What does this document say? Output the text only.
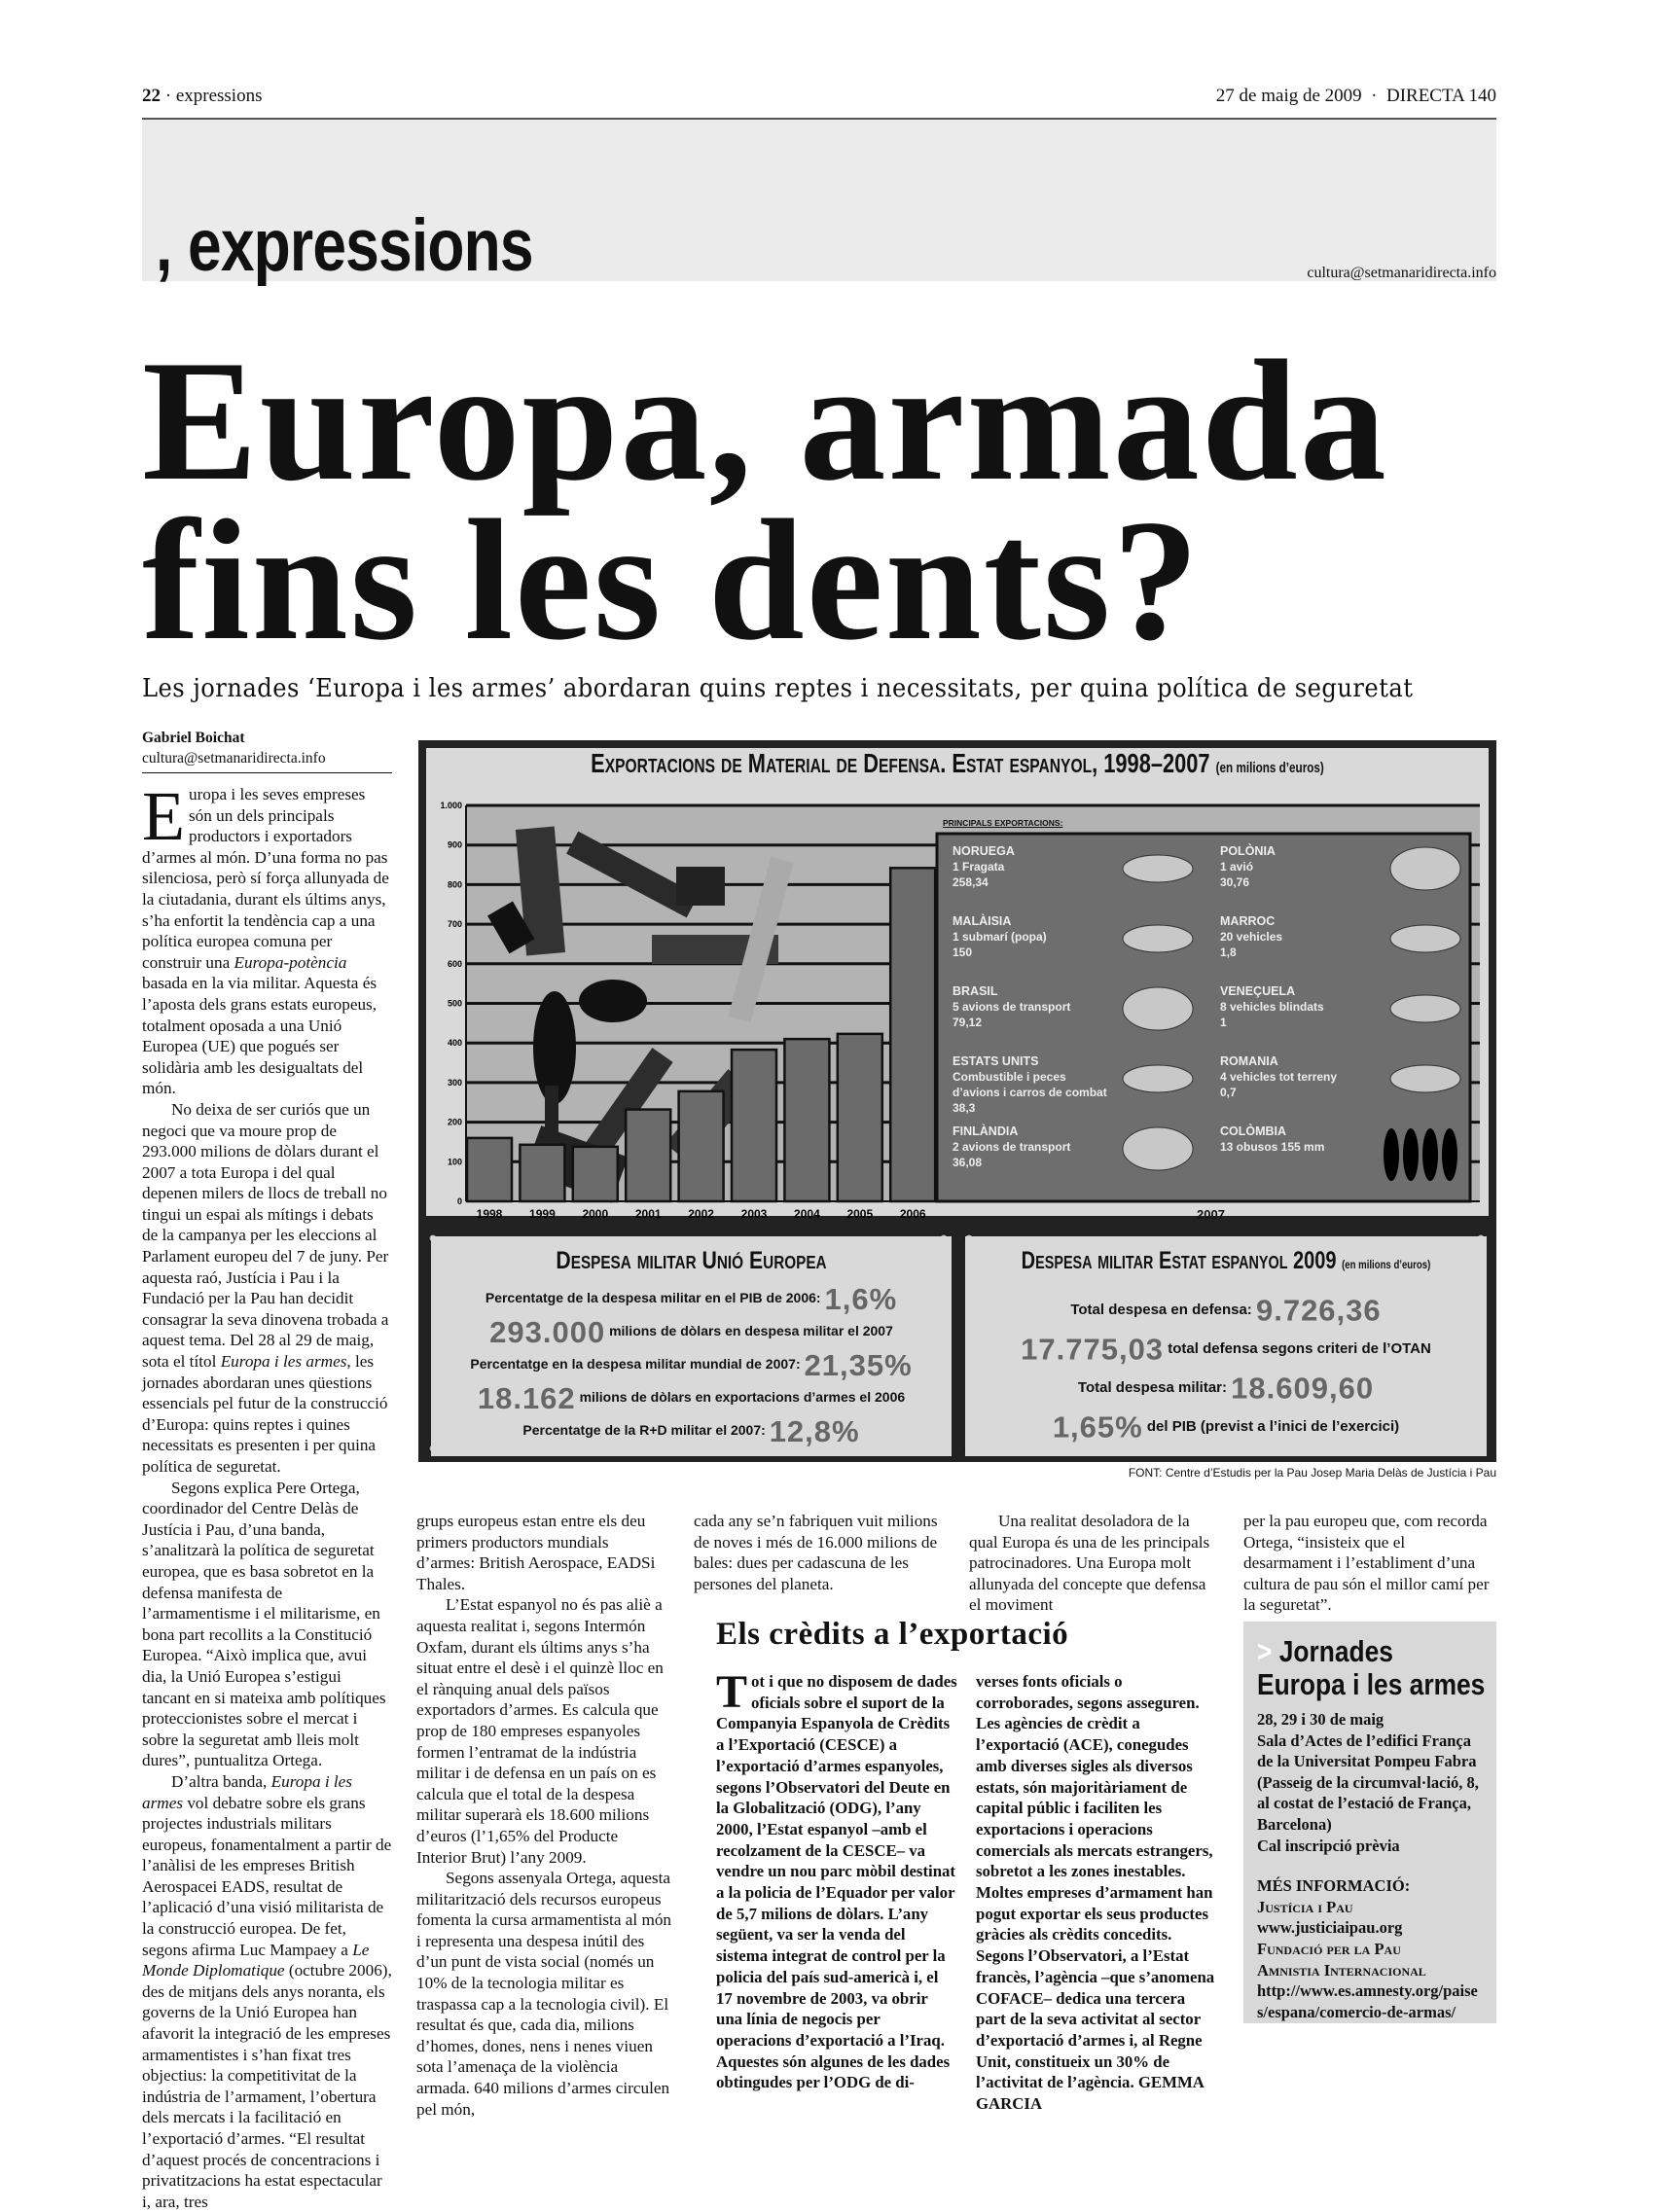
22 · expressions	27 de maig de 2009 · DIRECTA 140
, expressions	cultura@setmanaridirecta.info
Europa, armada
fins les dents?
Les jornades ‘Europa i les armes’ abordaran quins reptes i necessitats, per quina política de seguretat
Gabriel Boichat
cultura@setmanaridirecta.info

Europa i les seves empreses són un dels principals productors i exportadors d’armes al món. D’una forma no pas silenciosa, però sí força allunyada de la ciutadania, durant els últims anys, s’ha enfortit la tendència cap a una política europea comuna per construir una Europa-potència basada en la via militar. Aquesta és l’aposta dels grans estats europeus, totalment oposada a una Unió Europea (UE) que pogués ser solidària amb les desigualtats del món.

No deixa de ser curiós que un negoci que va moure prop de 293.000 milions de dòlars durant el 2007 a tota Europa i del qual depenen milers de llocs de treball no tingui un espai als mítings i debats de la campanya per les eleccions al Parlament europeu del 7 de juny. Per aquesta raó, Justícia i Pau i la Fundació per la Pau han decidit consagrar la seva dinovena trobada a aquest tema. Del 28 al 29 de maig, sota el títol Europa i les armes, les jornades abordaran unes qüestions essencials pel futur de la construcció d’Europa: quins reptes i quines necessitats es presenten i per quina política de seguretat.

Segons explica Pere Ortega, coordinador del Centre Delàs de Justícia i Pau, d’una banda, s’analitzarà la política de seguretat europea, que es basa sobretot en la defensa manifesta de l’armamentisme i el militarisme, en bona part recollits a la Constitució Europea. “Això implica que, avui dia, la Unió Europea s’estigui tancant en si mateixa amb polítiques proteccionistes sobre el mercat i sobre la seguretat amb lleis molt dures”, puntualitza Ortega.

D’altra banda, Europa i les armes vol debatre sobre els grans projectes industrials militars europeus, fonamentalment a partir de l’anàlisi de les empreses British Aerospacei EADS, resultat de l’aplicació d’una visió militarista de la construcció europea. De fet, segons afirma Luc Mampaey a Le Monde Diplomatique (octubre 2006), des de mitjans dels anys noranta, els governs de la Unió Europea han afavorit la integració de les empreses armamentistes i s’han fixat tres objectius: la competitivitat de la indústria de l’armament, l’obertura dels mercats i la facilitació en l’exportació d’armes. “El resultat d’aquest procés de concentracions i privatitzacions ha estat espectacular i, ara, tres

0
100
200
300
400
500
600
700
800
900
1.000
1998 1999 2000 2001 2002 2003 2004 2005 2006
NORUEGA
1 Fragata
258,34
MALÀISIA
1 submarí (popa)
150
BRASIL
5 avions de transport
79,12
ESTATS UNITS
Combustible i peces
d’avions i carros de combat
38,3
FINLÀNDIA
2 avions de transport
36,08
POLÒNIA
1 avió
30,76
MARROC
20 vehicles
1,8
VENEÇUELA
8 vehicles blindats
1
ROMANIA
4 vehicles tot terreny
0,7
COLÒMBIA
13 obusos 155 mm
Exportacions de Material de Defensa. Estat espanyol, 1998–2007 (en milions d’euros)
PRINCIPALS EXPORTACIONS:
2007
Despesa militar Unió Europea
Percentatge de la despesa militar en el PIB de 2006: 1,6%
293.000 milions de dòlars en despesa militar el 2007
Percentatge en la despesa militar mundial de 2007: 21,35%
18.162 milions de dòlars en exportacions d’armes el 2006
Percentatge de la R+D militar el 2007: 12,8%
Despesa militar Estat espanyol 2009 (en milions d’euros)
Total despesa en defensa: 9.726,36
17.775,03 total defensa segons criteri de l’OTAN
Total despesa militar: 18.609,60
1,65% del PIB (previst a l’inici de l’exercici)
FONT: Centre d’Estudis per la Pau Josep Maria Delàs de Justícia i Pau

grups europeus estan entre els deu primers productors mundials d’armes: British Aerospace, EADSi Thales.

L’Estat espanyol no és pas aliè a aquesta realitat i, segons Intermón Oxfam, durant els últims anys s’ha situat entre el desè i el quinzè lloc en el rànquing anual dels països exportadors d’armes. Es calcula que prop de 180 empreses espanyoles formen l’entramat de la indústria militar i de defensa en un país on es calcula que el total de la despesa militar superarà els 18.600 milions d’euros (l’1,65% del Producte Interior Brut) l’any 2009.

Segons assenyala Ortega, aquesta militarització dels recursos europeus fomenta la cursa armamentista al món i representa una despesa inútil des d’un punt de vista social (només un 10% de la tecnologia militar es traspassa cap a la tecnologia civil). El resultat és que, cada dia, milions d’homes, dones, nens i nenes viuen sota l’amenaça de la violència armada. 640 milions d’armes circulen pel món,

cada any se’n fabriquen vuit milions de noves i més de 16.000 milions de bales: dues per cadascuna de les persones del planeta.

Una realitat desoladora de la qual Europa és una de les principals patrocinadores. Una Europa molt allunyada del concepte que defensa el moviment

per la pau europeu que, com recorda Ortega, “insisteix que el desarmament i l’establiment d’una cultura de pau són el millor camí per la seguretat”.

Els crèdits a l’exportació

Tot i que no disposem de dades oficials sobre el suport de la Companyia Espanyola de Crèdits a l’Exportació (CESCE) a l’exportació d’armes espanyoles, segons l’Observatori del Deute en la Globalització (ODG), l’any 2000, l’Estat espanyol –amb el recolzament de la CESCE– va vendre un nou parc mòbil destinat a la policia de l’Equador per valor de 5,7 milions de dòlars. L’any següent, va ser la venda del sistema integrat de control per la policia del país sud-americà i, el 17 novembre de 2003, va obrir una línia de negocis per operacions d’exportació a l’Iraq. Aquestes són algunes de les dades obtingudes per l’ODG de di-

verses fonts oficials o corroborades, segons asseguren. Les agències de crèdit a l’exportació (ACE), conegudes amb diverses sigles als diversos estats, són majoritàriament de capital públic i faciliten les exportacions i operacions comercials als mercats estrangers, sobretot a les zones inestables. Moltes empreses d’armament han pogut exportar els seus productes gràcies als crèdits concedits. Segons l’Observatori, a l’Estat francès, l’agència –que s’anomena COFACE– dedica una tercera part de la seva activitat al sector d’exportació d’armes i, al Regne Unit, constitueix un 30% de l’activitat de l’agència. GEMMA GARCIA

> Jornades
Europa i les armes

28, 29 i 30 de maig

Sala d’Actes de l’edifici França de la Universitat Pompeu Fabra (Passeig de la circumval·lació, 8, al costat de l’estació de França, Barcelona)

Cal inscripció prèvia

MÉS INFORMACIÓ:

Justícia i Pau

www.justiciaipau.org

Fundació per la Pau

Amnistia Internacional

http://www.es.amnesty.org/paises/espana/comercio-de-armas/
